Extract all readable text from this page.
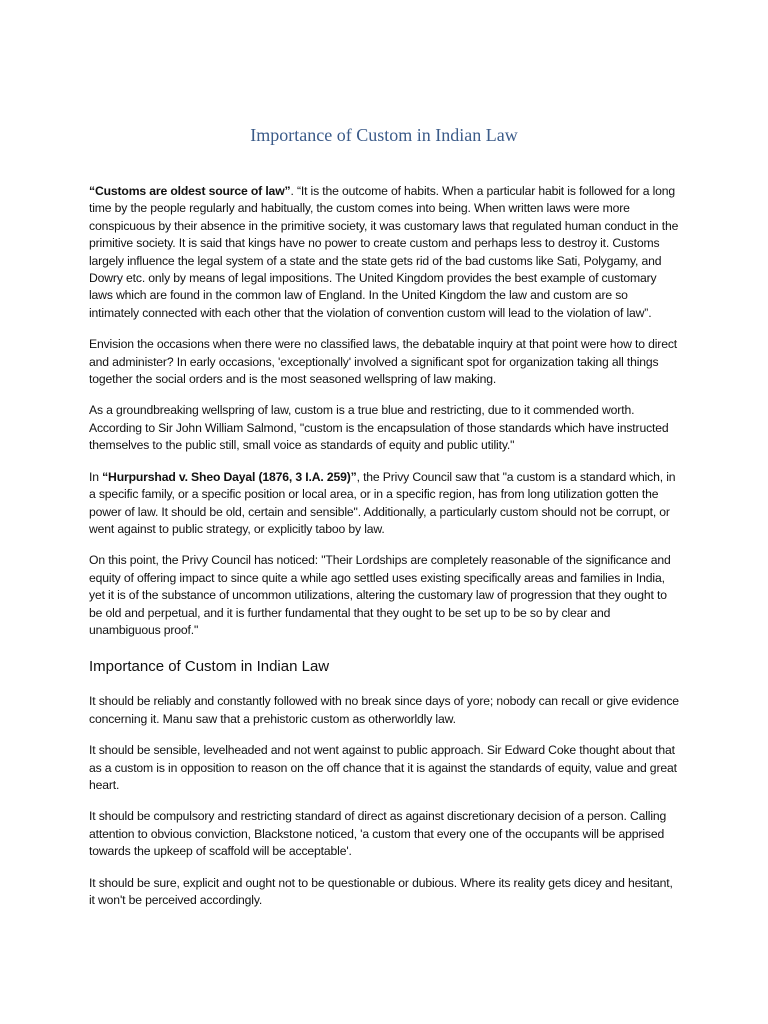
Importance of Custom in Indian Law

“Customs are oldest source of law”. “It is the outcome of habits. When a particular habit is followed for a long time by the people regularly and habitually, the custom comes into being. When written laws were more conspicuous by their absence in the primitive society, it was customary laws that regulated human conduct in the primitive society. It is said that kings have no power to create custom and perhaps less to destroy it. Customs largely influence the legal system of a state and the state gets rid of the bad customs like Sati, Polygamy, and Dowry etc. only by means of legal impositions. The United Kingdom provides the best example of customary laws which are found in the common law of England. In the United Kingdom the law and custom are so intimately connected with each other that the violation of convention custom will lead to the violation of law”.

Envision the occasions when there were no classified laws, the debatable inquiry at that point were how to direct and administer? In early occasions, 'exceptionally' involved a significant spot for organization taking all things together the social orders and is the most seasoned wellspring of law making.

As a groundbreaking wellspring of law, custom is a true blue and restricting, due to it commended worth. According to Sir John William Salmond, "custom is the encapsulation of those standards which have instructed themselves to the public still, small voice as standards of equity and public utility."

In “Hurpurshad v. Sheo Dayal (1876, 3 I.A. 259)”, the Privy Council saw that "a custom is a standard which, in a specific family, or a specific position or local area, or in a specific region, has from long utilization gotten the power of law. It should be old, certain and sensible". Additionally, a particularly custom should not be corrupt, or went against to public strategy, or explicitly taboo by law.

On this point, the Privy Council has noticed: "Their Lordships are completely reasonable of the significance and equity of offering impact to since quite a while ago settled uses existing specifically areas and families in India, yet it is of the substance of uncommon utilizations, altering the customary law of progression that they ought to be old and perpetual, and it is further fundamental that they ought to be set up to be so by clear and unambiguous proof."

Importance of Custom in Indian Law

It should be reliably and constantly followed with no break since days of yore; nobody can recall or give evidence concerning it. Manu saw that a prehistoric custom as otherworldly law.

It should be sensible, levelheaded and not went against to public approach. Sir Edward Coke thought about that as a custom is in opposition to reason on the off chance that it is against the standards of equity, value and great heart.

It should be compulsory and restricting standard of direct as against discretionary decision of a person. Calling attention to obvious conviction, Blackstone noticed, 'a custom that every one of the occupants will be apprised towards the upkeep of scaffold will be acceptable'.

It should be sure, explicit and ought not to be questionable or dubious. Where its reality gets dicey and hesitant, it won't be perceived accordingly.
